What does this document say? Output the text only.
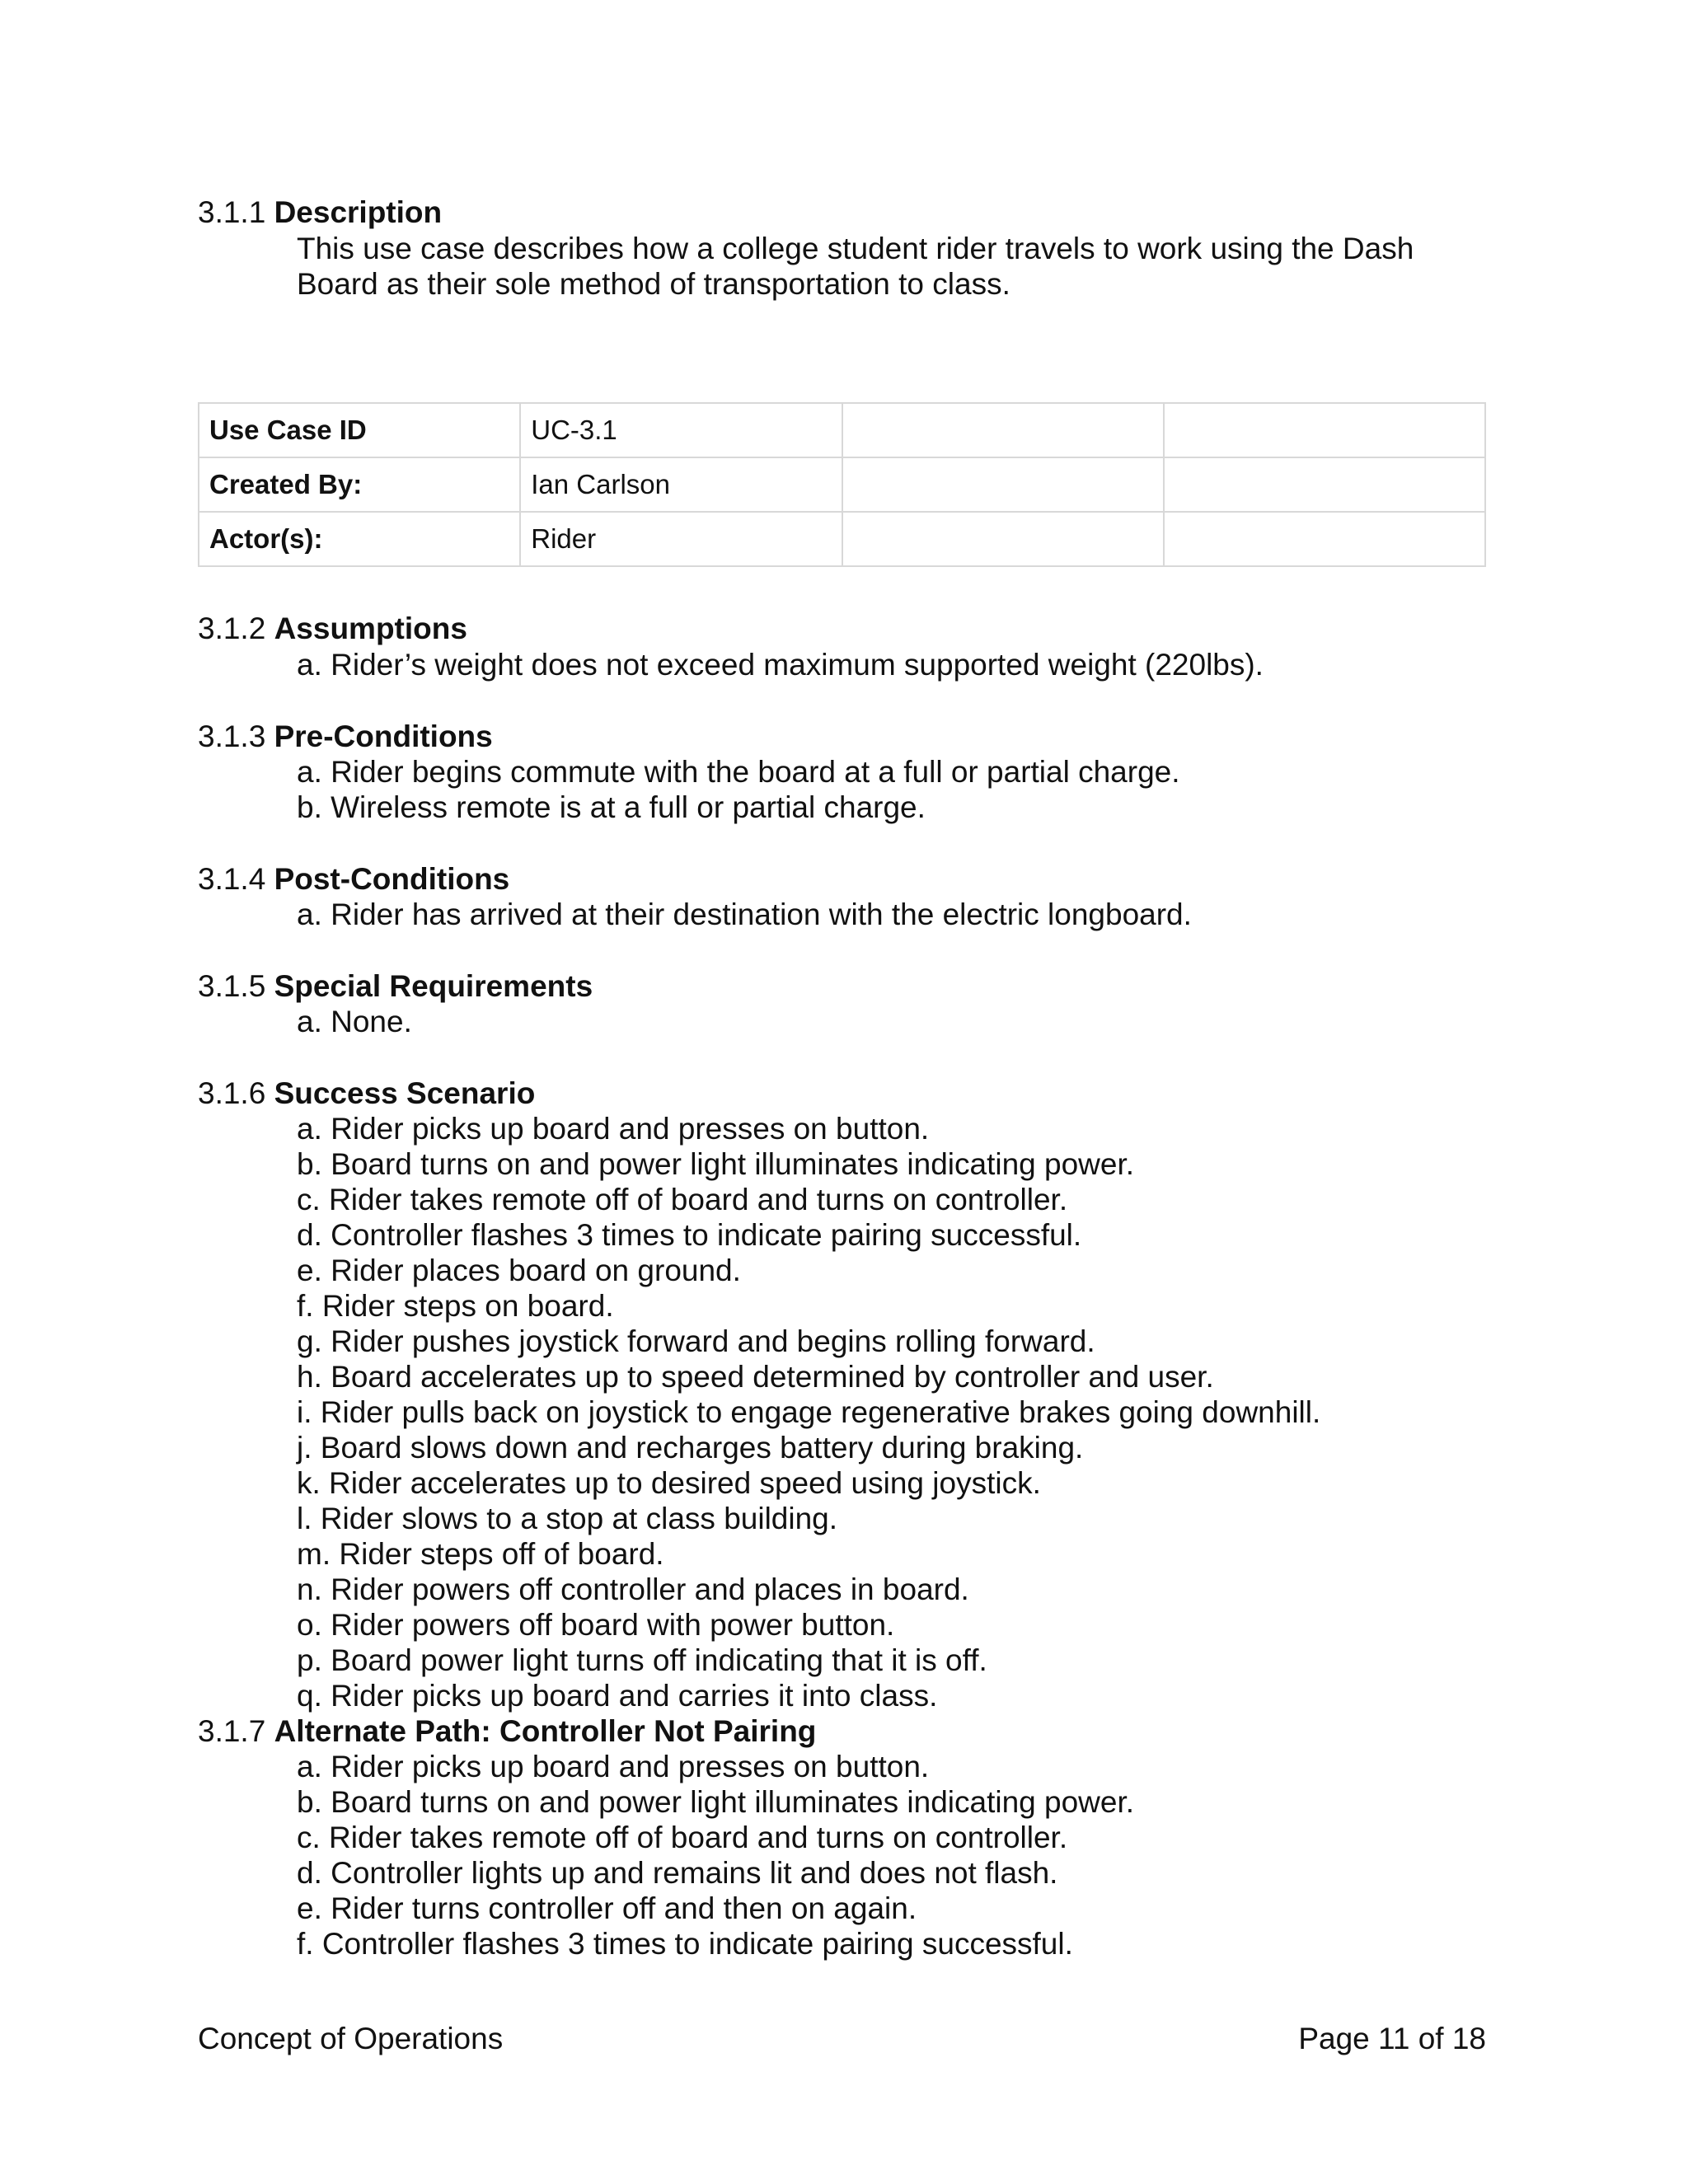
3.1.1 Description
This use case describes how a college student rider travels to work using the Dash
Board as their sole method of transportation to class.
Use Case ID	UC-3.1		
Created By:	Ian Carlson		
Actor(s):	Rider		
3.1.2 Assumptions
a. Rider’s weight does not exceed maximum supported weight (220lbs).
3.1.3 Pre-Conditions
a. Rider begins commute with the board at a full or partial charge.
b. Wireless remote is at a full or partial charge.
3.1.4 Post-Conditions
a. Rider has arrived at their destination with the electric longboard.
3.1.5 Special Requirements
a. None.
3.1.6 Success Scenario
a. Rider picks up board and presses on button.
b. Board turns on and power light illuminates indicating power.
c. Rider takes remote off of board and turns on controller.
d. Controller flashes 3 times to indicate pairing successful.
e. Rider places board on ground.
f. Rider steps on board.
g. Rider pushes joystick forward and begins rolling forward.
h. Board accelerates up to speed determined by controller and user.
i. Rider pulls back on joystick to engage regenerative brakes going downhill.
j. Board slows down and recharges battery during braking.
k. Rider accelerates up to desired speed using joystick.
l. Rider slows to a stop at class building.
m. Rider steps off of board.
n. Rider powers off controller and places in board.
o. Rider powers off board with power button.
p. Board power light turns off indicating that it is off.
q. Rider picks up board and carries it into class.
3.1.7 Alternate Path: Controller Not Pairing
a. Rider picks up board and presses on button.
b. Board turns on and power light illuminates indicating power.
c. Rider takes remote off of board and turns on controller.
d. Controller lights up and remains lit and does not flash.
e. Rider turns controller off and then on again.
f. Controller flashes 3 times to indicate pairing successful.
Concept of Operations	Page 11 of 18
